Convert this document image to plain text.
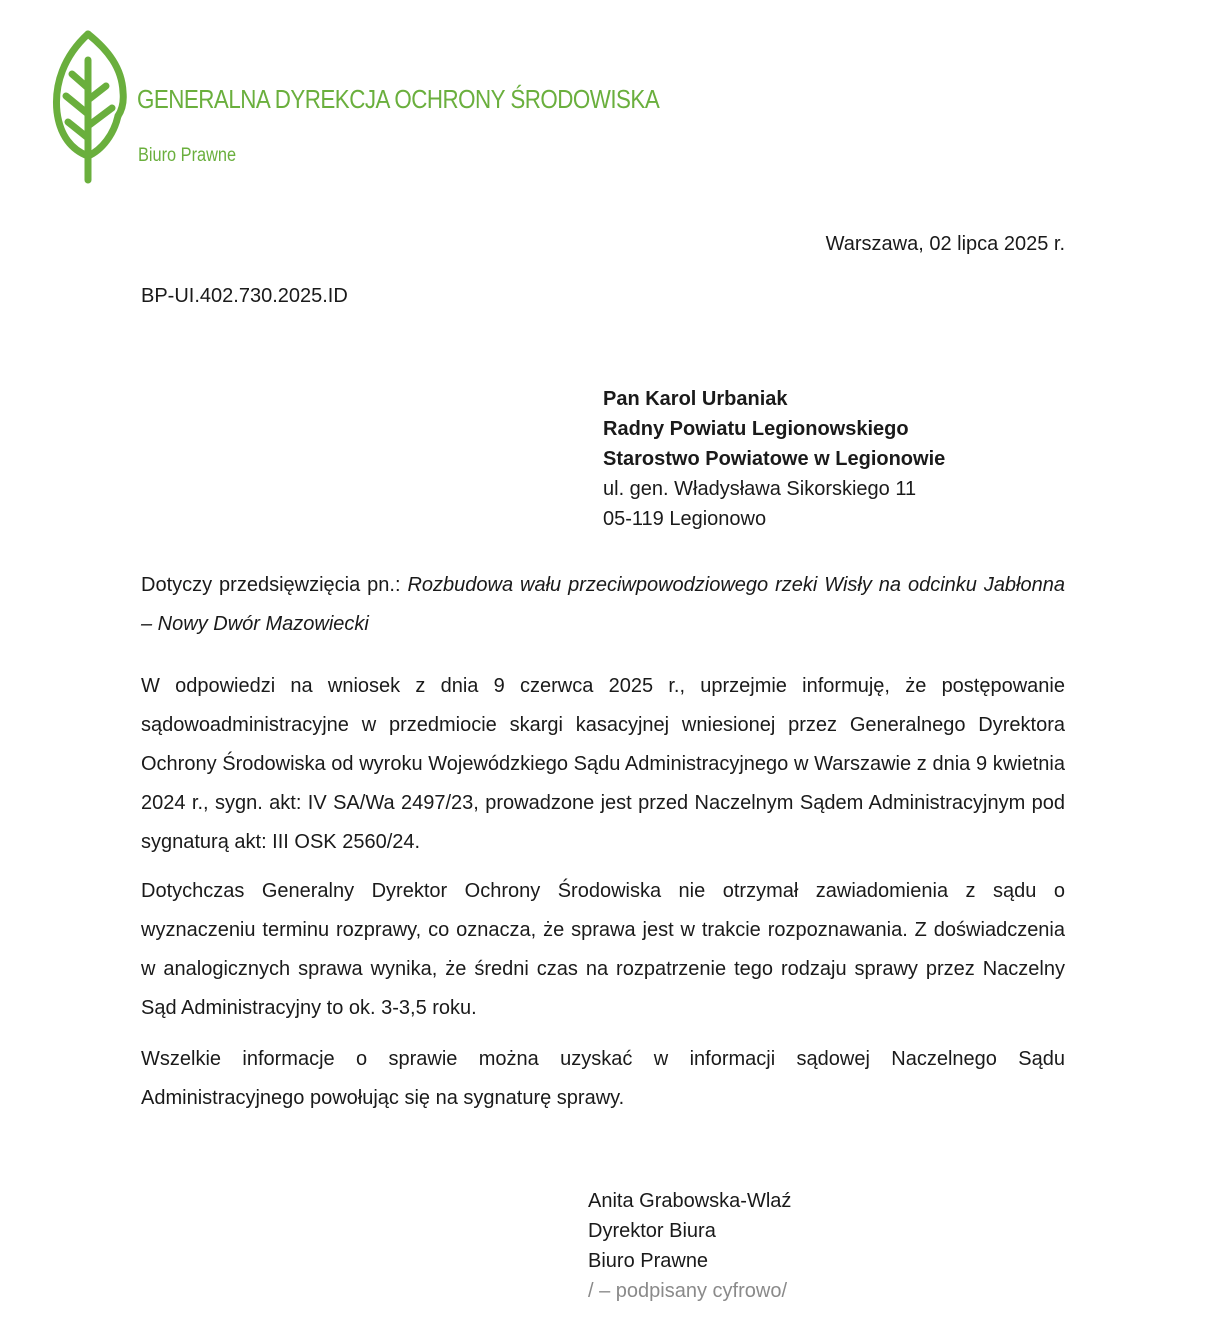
GENERALNA DYREKCJA OCHRONY ŚRODOWISKA
Biuro Prawne
Warszawa, 02 lipca 2025 r.
BP-UI.402.730.2025.ID
Pan Karol Urbaniak
Radny Powiatu Legionowskiego
Starostwo Powiatowe w Legionowie
ul. gen. Władysława Sikorskiego 11
05-119 Legionowo
Dotyczy przedsięwzięcia pn.: Rozbudowa wału przeciwpowodziowego rzeki Wisły na odcinku Jabłonna – Nowy Dwór Mazowiecki
W odpowiedzi na wniosek z dnia 9 czerwca 2025 r., uprzejmie informuję, że postępowanie sądowoadministracyjne w przedmiocie skargi kasacyjnej wniesionej przez Generalnego Dyrektora Ochrony Środowiska od wyroku Wojewódzkiego Sądu Administracyjnego w Warszawie z dnia 9 kwietnia 2024 r., sygn. akt: IV SA/Wa 2497/23, prowadzone jest przed Naczelnym Sądem Administracyjnym pod sygnaturą akt: III OSK 2560/24.
Dotychczas Generalny Dyrektor Ochrony Środowiska nie otrzymał zawiadomienia z sądu o wyznaczeniu terminu rozprawy, co oznacza, że sprawa jest w trakcie rozpoznawania. Z doświadczenia w analogicznych sprawa wynika, że średni czas na rozpatrzenie tego rodzaju sprawy przez Naczelny Sąd Administracyjny to ok. 3-3,5 roku.
Wszelkie informacje o sprawie można uzyskać w informacji sądowej Naczelnego Sądu Administracyjnego powołując się na sygnaturę sprawy.
Anita Grabowska-Wlaź
Dyrektor Biura
Biuro Prawne
/ – podpisany cyfrowo/
